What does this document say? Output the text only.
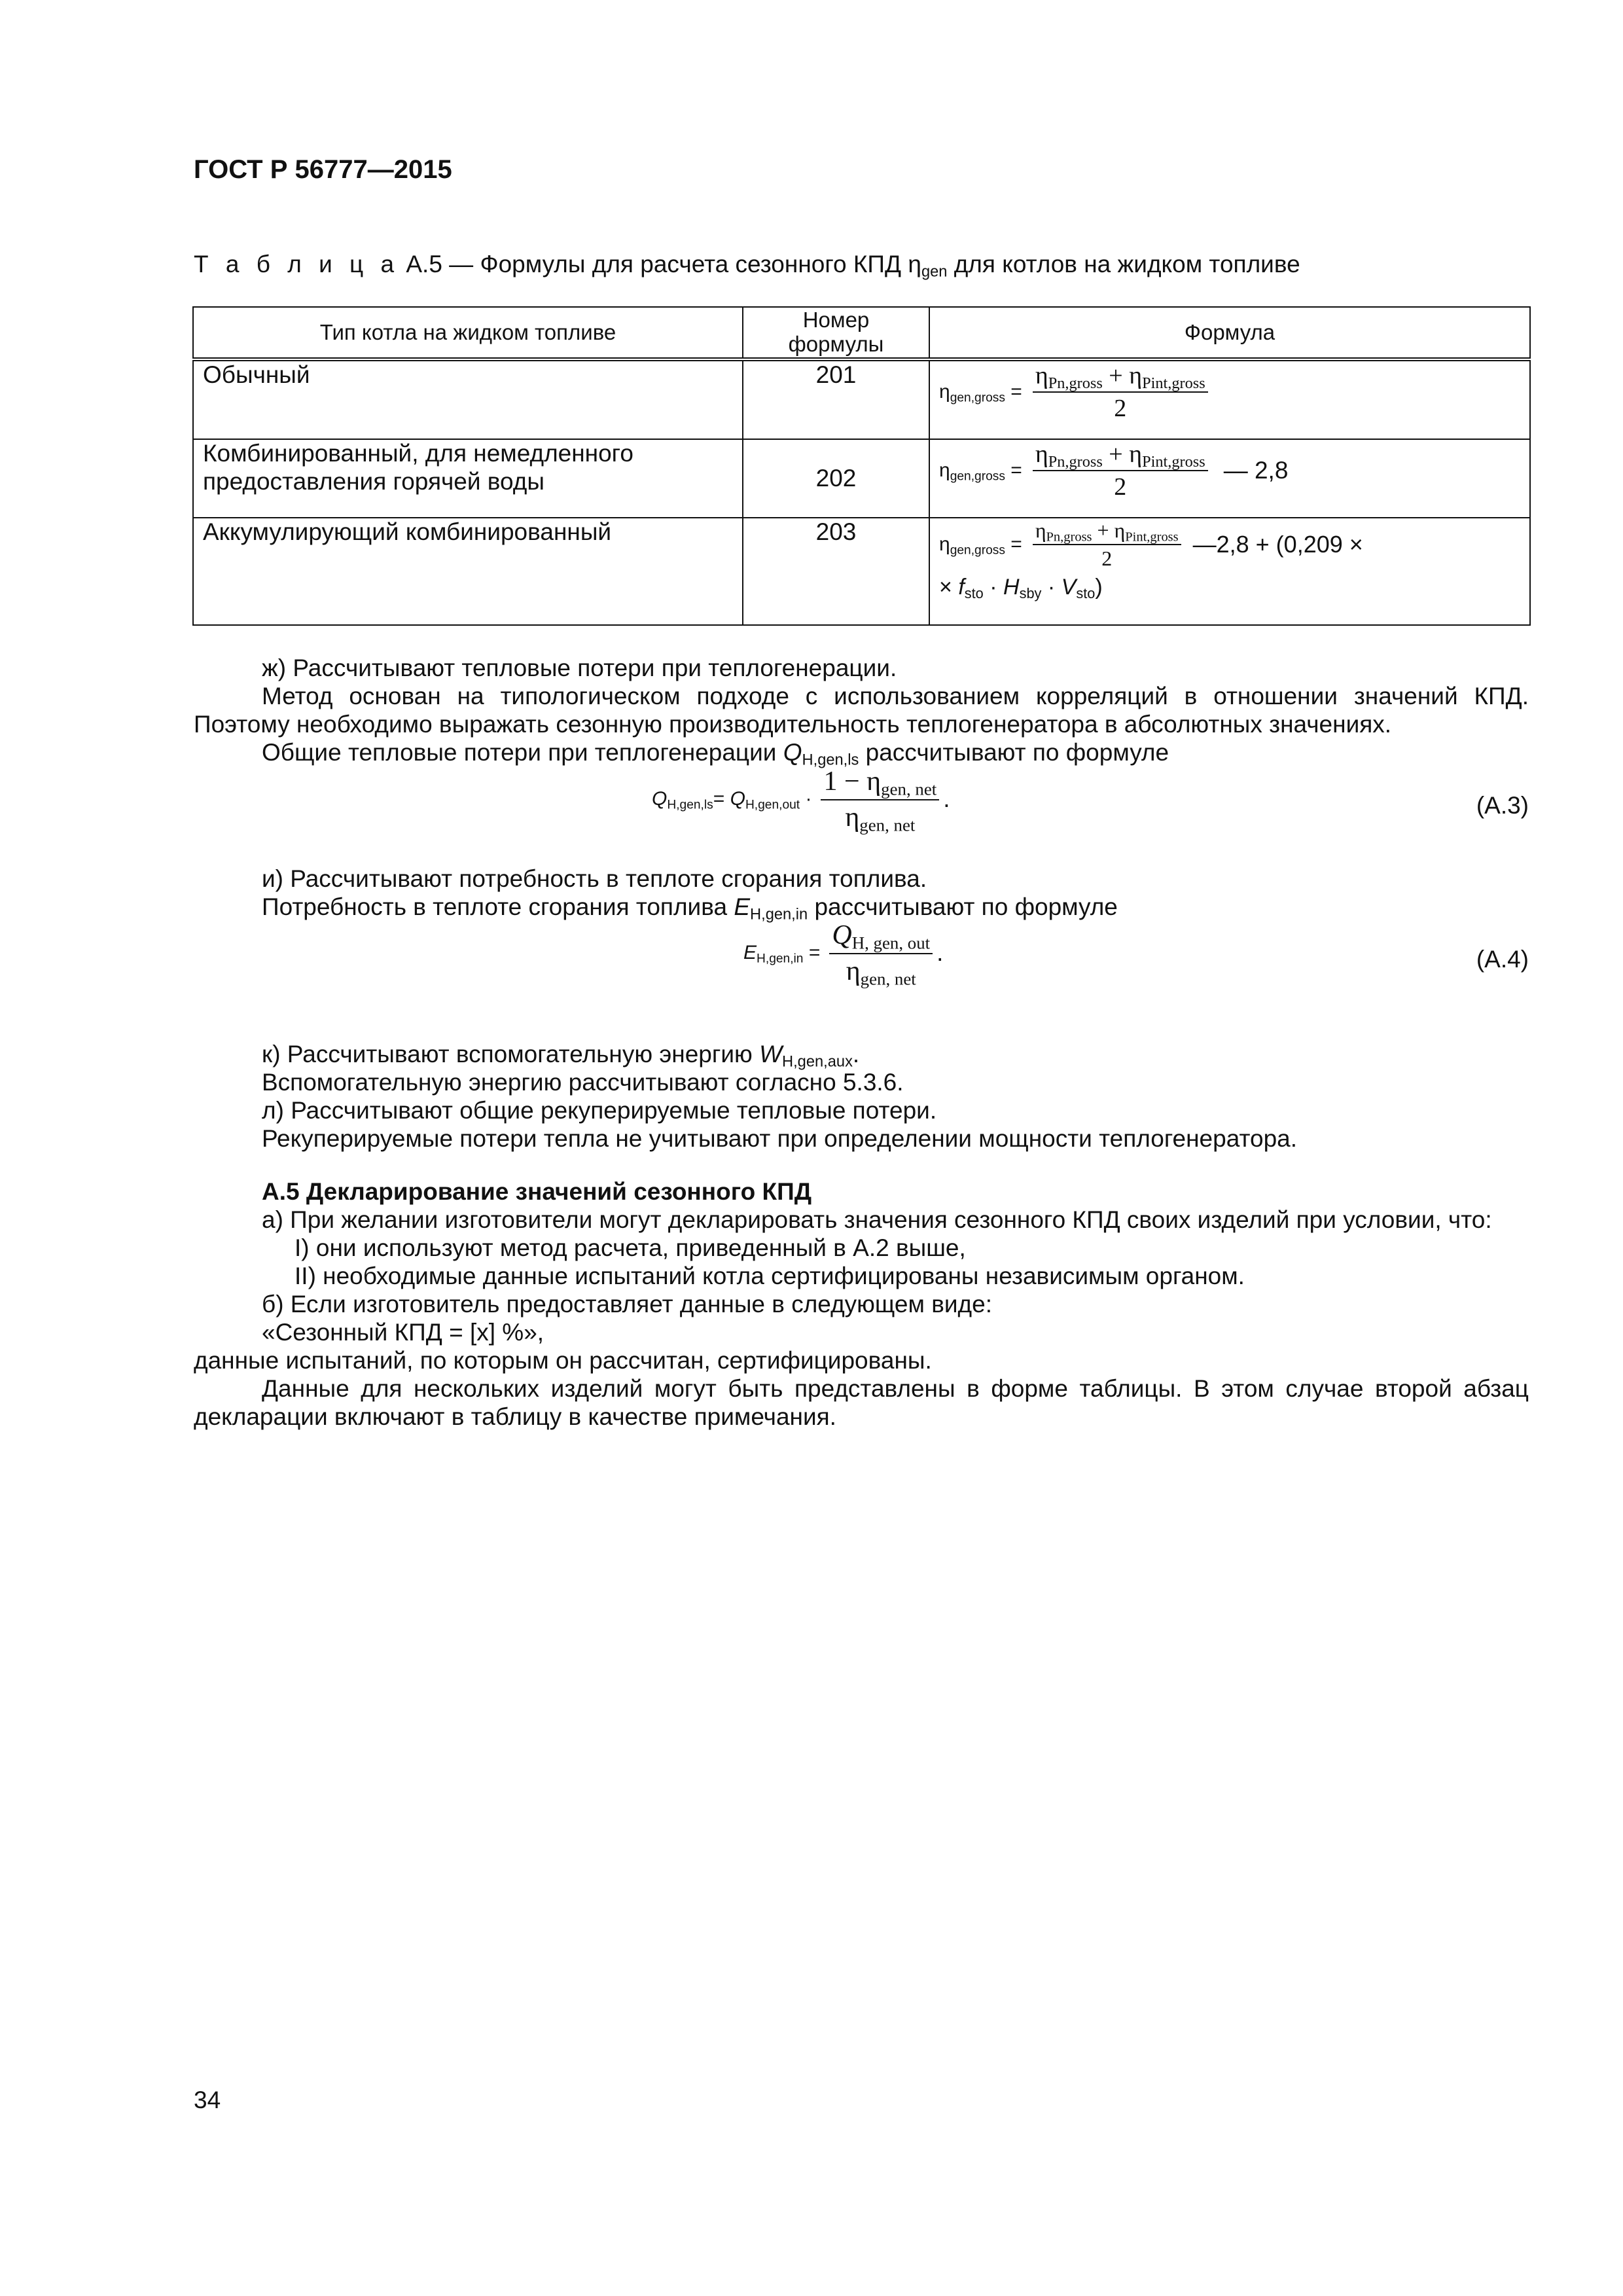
ГОСТ Р 56777—2015
Т а б л и ц а А.5 — Формулы для расчета сезонного КПД $\eta_{gen}$ для котлов на жидком топливе
Тип котла на жидком топливе	Номер формулы	Формула
Обычный	201	$\eta_{gen,gross} = \frac{\eta_{Pn,gross} + \eta_{Pint,gross}}{2}$

Комбинированный, для немедленного предоставления горячей воды	202	$\eta_{gen,gross} = \frac{\eta_{Pn,gross} + \eta_{Pint,gross}}{2}$ — 2,8

Аккумулирующий комбинированный	203	$\eta_{gen,gross} = \frac{\eta_{Pn,gross} + \eta_{Pint,gross}}{2}$ —2,8 + (0,209 ×
× $f_{sto} \cdot H_{sby} \cdot V_{sto}$)
ж) Рассчитывают тепловые потери при теплогенерации.
Метод основан на типологическом подходе с использованием корреляций в отношении значений КПД.
Поэтому необходимо выражать сезонную производительность теплогенератора в абсолютных значениях.
Общие тепловые потери при теплогенерации $Q_{H,gen,ls}$ рассчитывают по формуле
$Q_{H,gen,ls}= Q_{H,gen,out} \cdot \frac{1 - \eta_{gen, net}}{\eta_{gen, net}}$ .	(А.3)
и) Рассчитывают потребность в теплоте сгорания топлива.
Потребность в теплоте сгорания топлива $E_{H,gen,in}$ рассчитывают по формуле
$E_{H,gen,in} = \frac{Q_{H, gen, out}}{\eta_{gen, net}}$ .	(А.4)
к) Рассчитывают вспомогательную энергию $W_{H,gen,aux}$.
Вспомогательную энергию рассчитывают согласно 5.3.6.
л) Рассчитывают общие рекуперируемые тепловые потери.
Рекуперируемые потери тепла не учитывают при определении мощности теплогенератора.
А.5 Декларирование значений сезонного КПД
а) При желании изготовители могут декларировать значения сезонного КПД своих изделий при условии, что:
I) они используют метод расчета, приведенный в А.2 выше,
II) необходимые данные испытаний котла сертифицированы независимым органом.
б) Если изготовитель предоставляет данные в следующем виде:
«Сезонный КПД = [x] %»,
данные испытаний, по которым он рассчитан, сертифицированы.
Данные для нескольких изделий могут быть представлены в форме таблицы. В этом случае второй абзац
декларации включают в таблицу в качестве примечания.
34
